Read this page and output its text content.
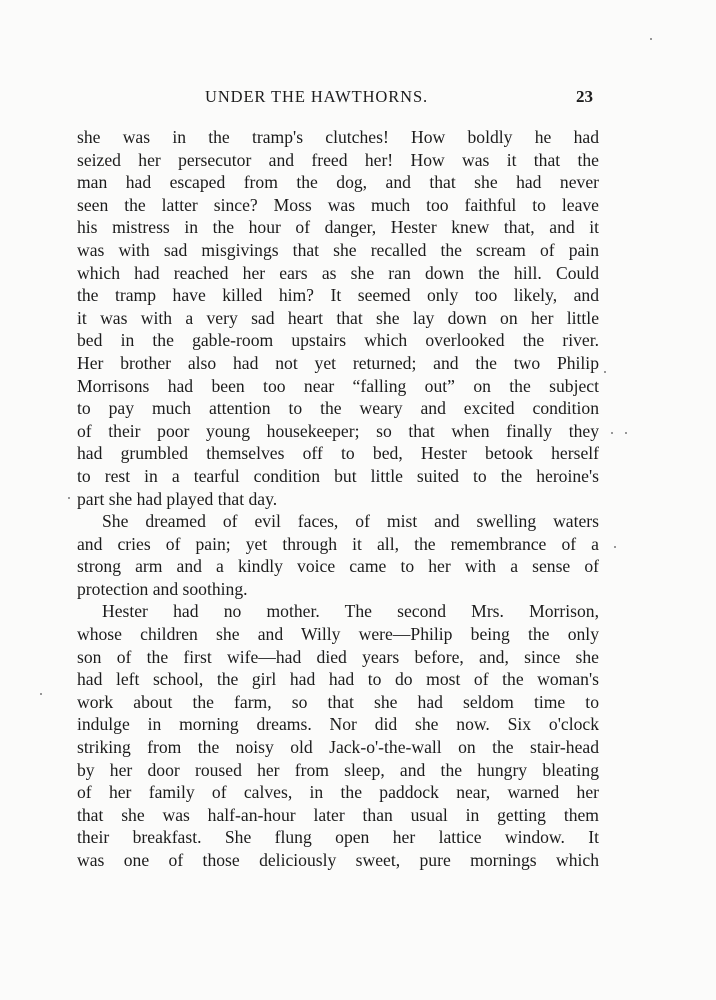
UNDER THE HAWTHORNS.	23
she was in the tramp's clutches! How boldly he had
seized her persecutor and freed her! How was it that the
man had escaped from the dog, and that she had never
seen the latter since? Moss was much too faithful to leave
his mistress in the hour of danger, Hester knew that, and it
was with sad misgivings that she recalled the scream of pain
which had reached her ears as she ran down the hill. Could
the tramp have killed him? It seemed only too likely, and
it was with a very sad heart that she lay down on her little
bed in the gable-room upstairs which overlooked the river.
Her brother also had not yet returned; and the two Philip
Morrisons had been too near “falling out” on the subject
to pay much attention to the weary and excited condition
of their poor young housekeeper; so that when finally they
had grumbled themselves off to bed, Hester betook herself
to rest in a tearful condition but little suited to the heroine's
part she had played that day.
She dreamed of evil faces, of mist and swelling waters
and cries of pain; yet through it all, the remembrance of a
strong arm and a kindly voice came to her with a sense of
protection and soothing.
Hester had no mother. The second Mrs. Morrison,
whose children she and Willy were—Philip being the only
son of the first wife—had died years before, and, since she
had left school, the girl had had to do most of the woman's
work about the farm, so that she had seldom time to
indulge in morning dreams. Nor did she now. Six o'clock
striking from the noisy old Jack-o'-the-wall on the stair-head
by her door roused her from sleep, and the hungry bleating
of her family of calves, in the paddock near, warned her
that she was half-an-hour later than usual in getting them
their breakfast. She flung open her lattice window. It
was one of those deliciously sweet, pure mornings which
